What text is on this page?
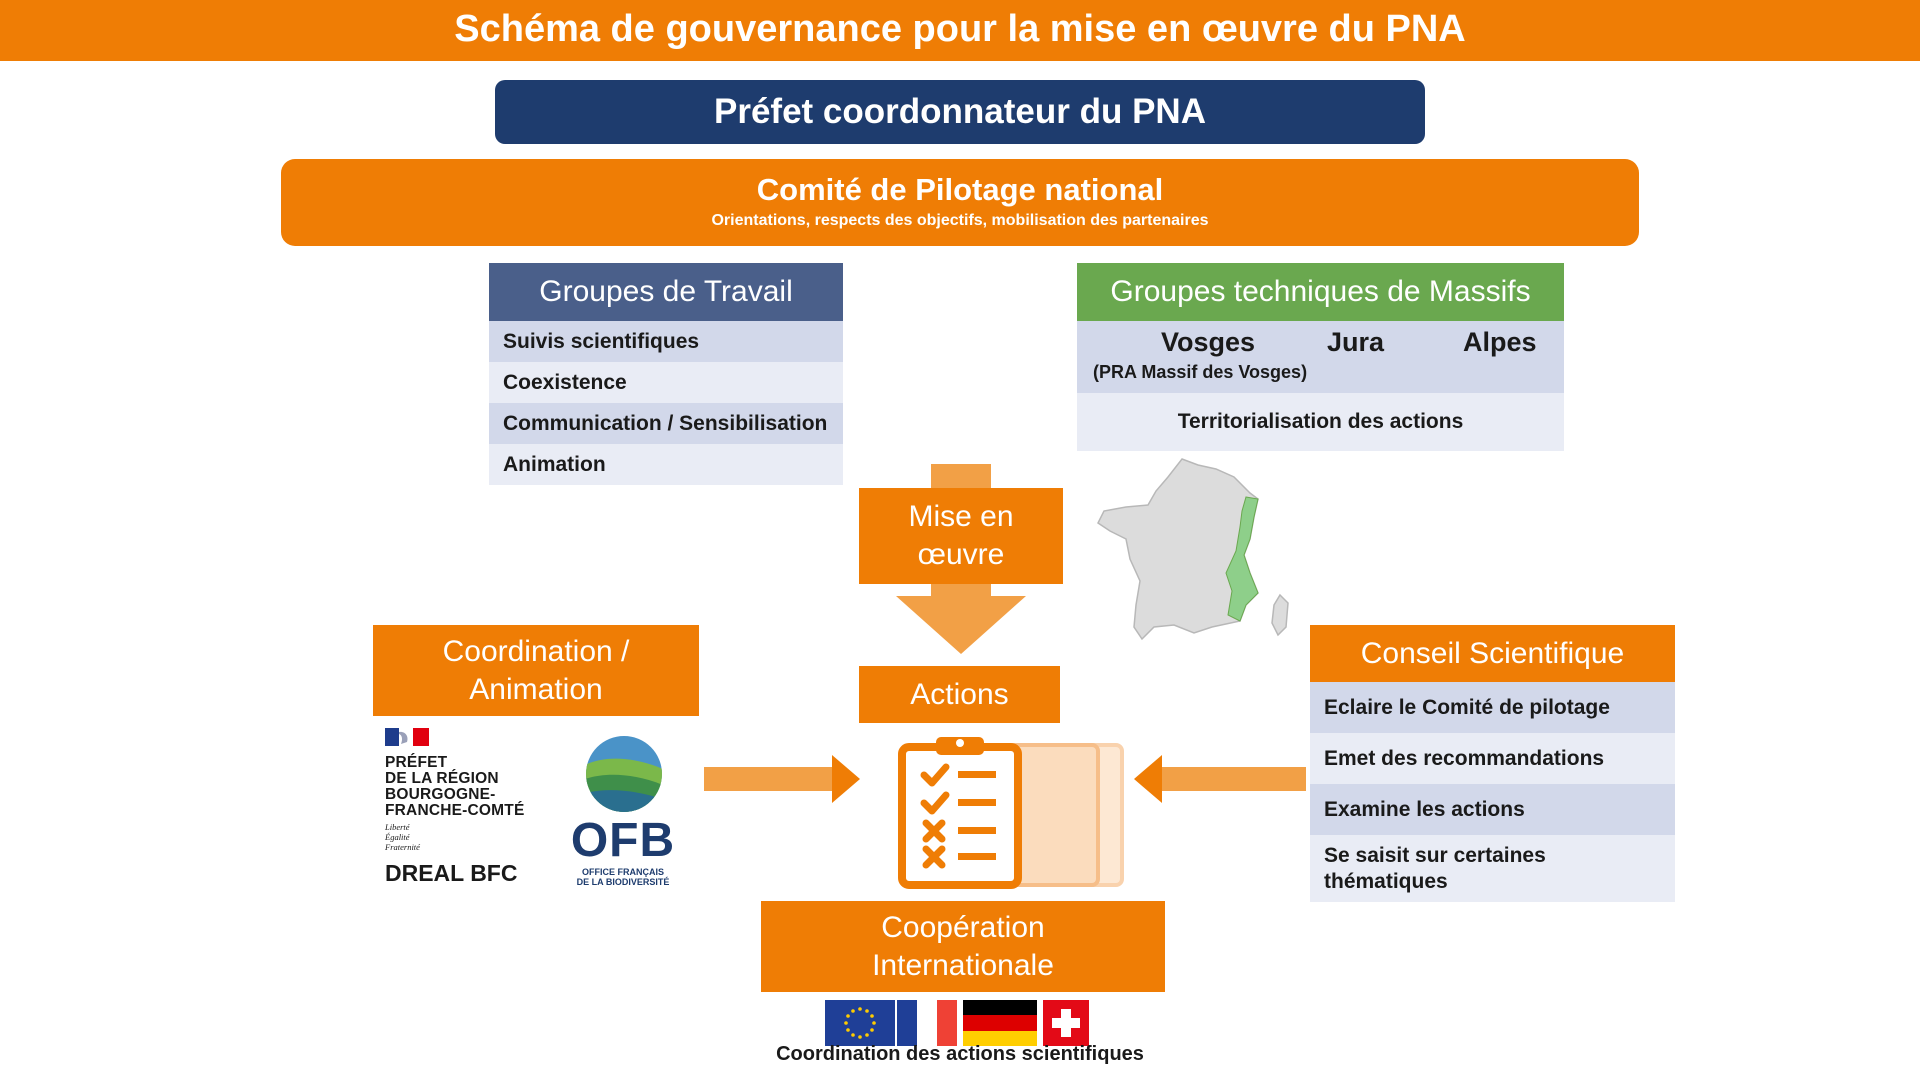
Schéma de gouvernance pour la mise en œuvre du PNA
Préfet coordonnateur du PNA
Comité de Pilotage national
Orientations, respects des objectifs, mobilisation des partenaires
Groupes de Travail
Suivis scientifiques
Coexistence
Communication / Sensibilisation
Animation
Groupes techniques de Massifs
Vosges	Jura	Alpes
(PRA Massif des Vosges)
Territorialisation des actions
Mise en
œuvre
Actions
Coordination /
Animation
PRÉFET
DE LA RÉGION
BOURGOGNE-
FRANCHE-COMTÉ
Liberté
Égalité
Fraternité
DREAL BFC
OFB
OFFICE FRANÇAIS
DE LA BIODIVERSITÉ
Conseil Scientifique
Eclaire le Comité de pilotage
Emet des recommandations
Examine les actions
Se saisit sur certaines thématiques
Coopération
Internationale
Coordination des actions scientifiques
